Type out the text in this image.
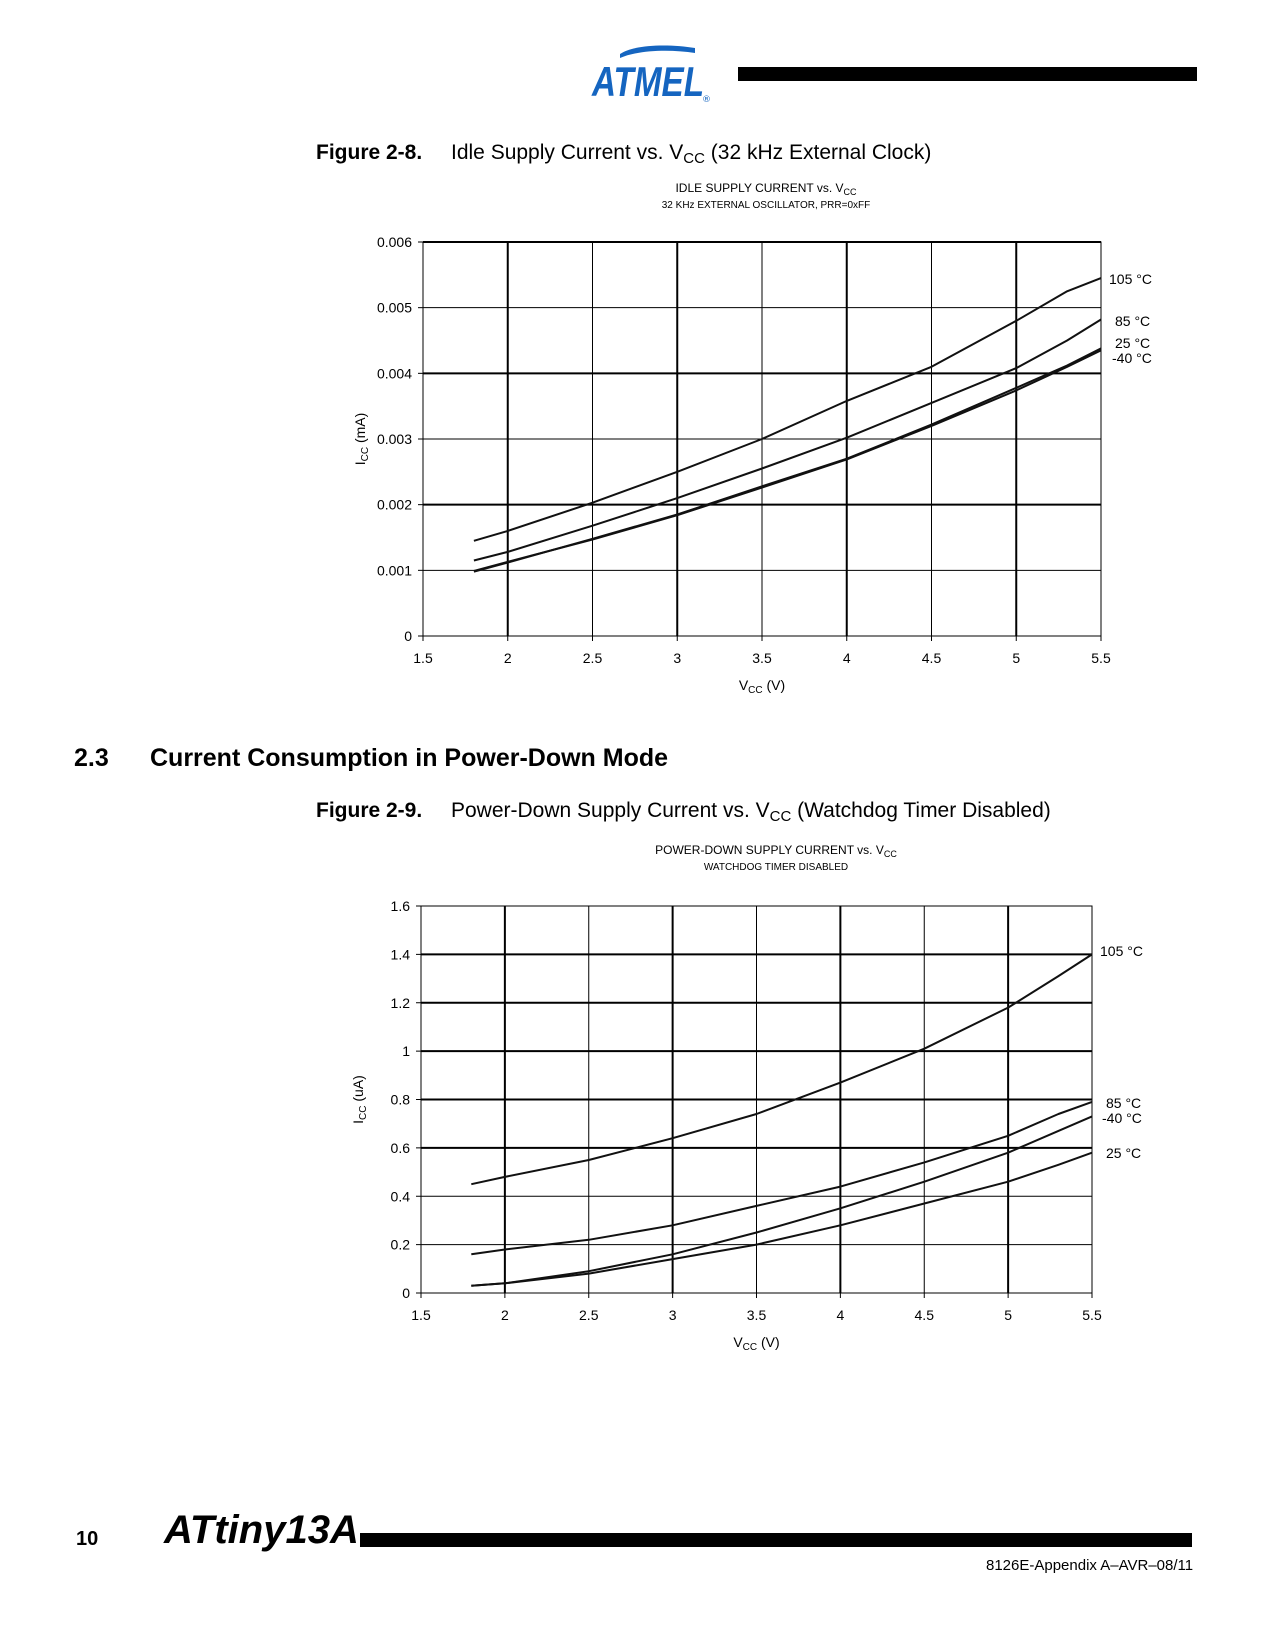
ATMEL
®
Figure 2-8. Idle Supply Current vs. VCC (32 kHz External Clock)
IDLE SUPPLY CURRENT vs. $V_{CC}$
32 KHz EXTERNAL OSCILLATOR, PRR=0xFF
1.5	2	2.5	3	3.5	4	4.5	5	5.5
0
0.001
0.002
0.003
0.004
0.005
0.006
$V_{CC}$ (V)
$I_{CC}$ (mA)
105 °C
85 °C
25 °C
-40 °C
2.3 Current Consumption in Power-Down Mode
Figure 2-9. Power-Down Supply Current vs. VCC (Watchdog Timer Disabled)
POWER-DOWN SUPPLY CURRENT vs. $V_{CC}$
WATCHDOG TIMER DISABLED
1.5	2	2.5	3	3.5	4	4.5	5	5.5
0
0.2
0.4
0.6
0.8
1
1.2
1.4
1.6
$V_{CC}$ (V)
$I_{CC}$ (uA)
105 °C
85 °C
-40 °C
25 °C
10 ATtiny13A
8126E-Appendix A–AVR–08/11
